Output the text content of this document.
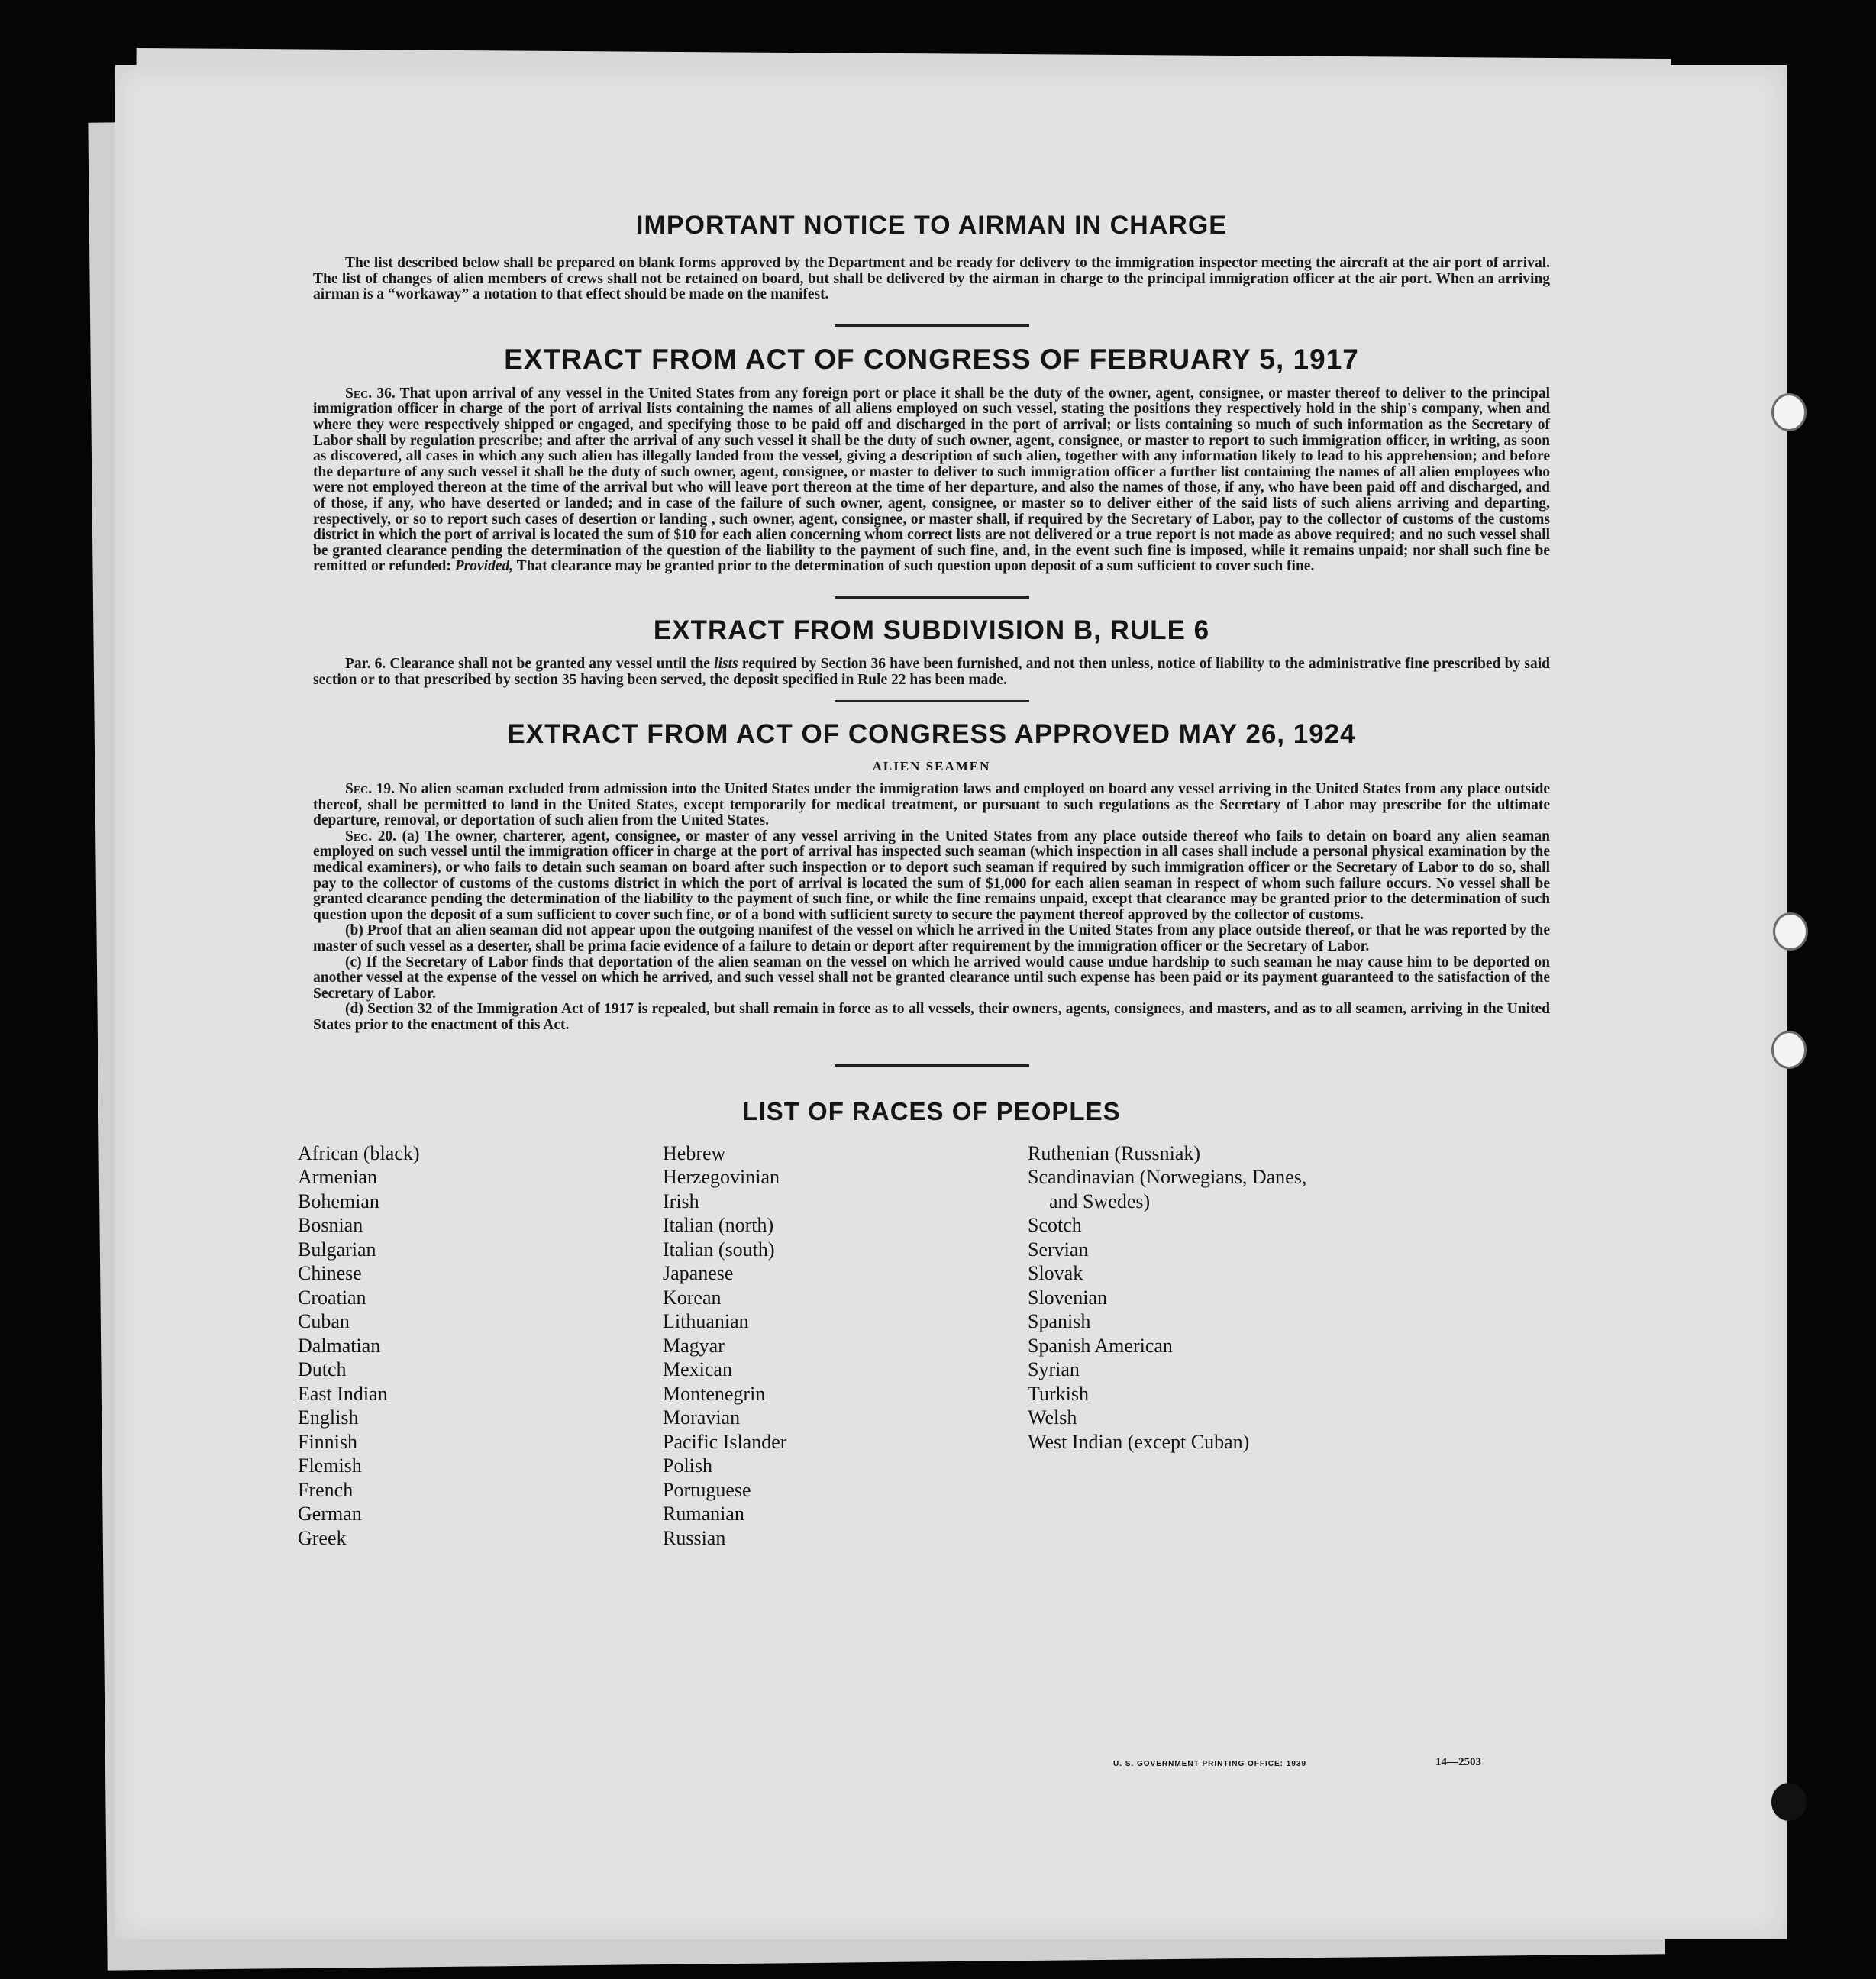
IMPORTANT NOTICE TO AIRMAN IN CHARGE

The list described below shall be prepared on blank forms approved by the Department and be ready for delivery to the immigration inspector meeting the aircraft at the air port of arrival. The list of changes of alien members of crews shall not be retained on board, but shall be delivered by the airman in charge to the principal immigration officer at the air port. When an arriving airman is a “workaway” a notation to that effect should be made on the manifest.

EXTRACT FROM ACT OF CONGRESS OF FEBRUARY 5, 1917

Sec. 36. That upon arrival of any vessel in the United States from any foreign port or place it shall be the duty of the owner, agent, consignee, or master thereof to deliver to the principal immigration officer in charge of the port of arrival lists containing the names of all aliens employed on such vessel, stating the positions they respectively hold in the ship's company, when and where they were respectively shipped or engaged, and specifying those to be paid off and discharged in the port of arrival; or lists containing so much of such information as the Secretary of Labor shall by regulation prescribe; and after the arrival of any such vessel it shall be the duty of such owner, agent, consignee, or master to report to such immigration officer, in writing, as soon as discovered, all cases in which any such alien has illegally landed from the vessel, giving a description of such alien, together with any information likely to lead to his apprehension; and before the departure of any such vessel it shall be the duty of such owner, agent, consignee, or master to deliver to such immigration officer a further list containing the names of all alien employees who were not employed thereon at the time of the arrival but who will leave port thereon at the time of her departure, and also the names of those, if any, who have been paid off and discharged, and of those, if any, who have deserted or landed; and in case of the failure of such owner, agent, consignee, or master so to deliver either of the said lists of such aliens arriving and departing, respectively, or so to report such cases of desertion or landing , such owner, agent, consignee, or master shall, if required by the Secretary of Labor, pay to the collector of customs of the customs district in which the port of arrival is located the sum of $10 for each alien concerning whom correct lists are not delivered or a true report is not made as above required; and no such vessel shall be granted clearance pending the determination of the question of the liability to the payment of such fine, and, in the event such fine is imposed, while it remains unpaid; nor shall such fine be remitted or refunded: Provided, That clearance may be granted prior to the determination of such question upon deposit of a sum sufficient to cover such fine.

EXTRACT FROM SUBDIVISION B, RULE 6

Par. 6. Clearance shall not be granted any vessel until the lists required by Section 36 have been furnished, and not then unless, notice of liability to the administrative fine prescribed by said section or to that prescribed by section 35 having been served, the deposit specified in Rule 22 has been made.

EXTRACT FROM ACT OF CONGRESS APPROVED MAY 26, 1924
ALIEN SEAMEN

Sec. 19. No alien seaman excluded from admission into the United States under the immigration laws and employed on board any vessel arriving in the United States from any place outside thereof, shall be permitted to land in the United States, except temporarily for medical treatment, or pursuant to such regulations as the Secretary of Labor may prescribe for the ultimate departure, removal, or deportation of such alien from the United States.

Sec. 20. (a) The owner, charterer, agent, consignee, or master of any vessel arriving in the United States from any place outside thereof who fails to detain on board any alien seaman employed on such vessel until the immigration officer in charge at the port of arrival has inspected such seaman (which inspection in all cases shall include a personal physical examination by the medical examiners), or who fails to detain such seaman on board after such inspection or to deport such seaman if required by such immigration officer or the Secretary of Labor to do so, shall pay to the collector of customs of the customs district in which the port of arrival is located the sum of $1,000 for each alien seaman in respect of whom such failure occurs. No vessel shall be granted clearance pending the determination of the liability to the payment of such fine, or while the fine remains unpaid, except that clearance may be granted prior to the determination of such question upon the deposit of a sum sufficient to cover such fine, or of a bond with sufficient surety to secure the payment thereof approved by the collector of customs.

(b) Proof that an alien seaman did not appear upon the outgoing manifest of the vessel on which he arrived in the United States from any place outside thereof, or that he was reported by the master of such vessel as a deserter, shall be prima facie evidence of a failure to detain or deport after requirement by the immigration officer or the Secretary of Labor.

(c) If the Secretary of Labor finds that deportation of the alien seaman on the vessel on which he arrived would cause undue hardship to such seaman he may cause him to be deported on another vessel at the expense of the vessel on which he arrived, and such vessel shall not be granted clearance until such expense has been paid or its payment guaranteed to the satisfaction of the Secretary of Labor.

(d) Section 32 of the Immigration Act of 1917 is repealed, but shall remain in force as to all vessels, their owners, agents, consignees, and masters, and as to all seamen, arriving in the United States prior to the enactment of this Act.

LIST OF RACES OF PEOPLES
African (black)
Armenian
Bohemian
Bosnian
Bulgarian
Chinese
Croatian
Cuban
Dalmatian
Dutch
East Indian
English
Finnish
Flemish
French
German
Greek
Hebrew
Herzegovinian
Irish
Italian (north)
Italian (south)
Japanese
Korean
Lithuanian
Magyar
Mexican
Montenegrin
Moravian
Pacific Islander
Polish
Portuguese
Rumanian
Russian
Ruthenian (Russniak)
Scandinavian (Norwegians, Danes,
and Swedes)
Scotch
Servian
Slovak
Slovenian
Spanish
Spanish American
Syrian
Turkish
Welsh
West Indian (except Cuban)
U. S. GOVERNMENT PRINTING OFFICE: 1939	14—2503
